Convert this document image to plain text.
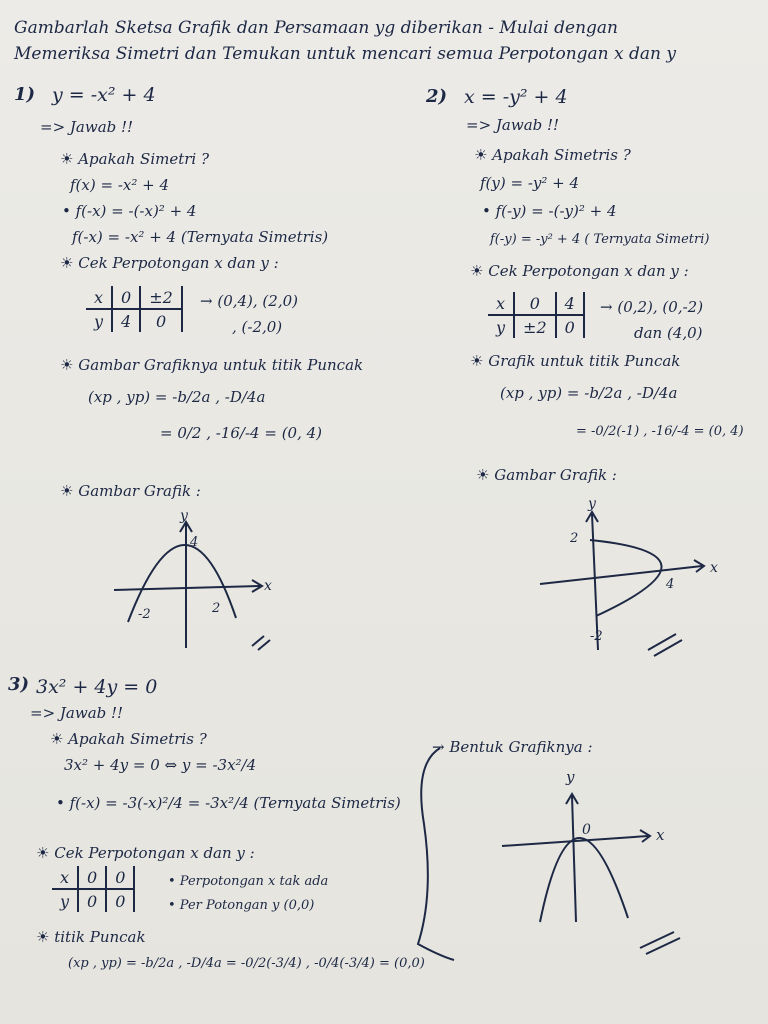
Gambarlah Sketsa Grafik dan Persamaan yg diberikan - Mulai dengan
Memeriksa Simetri dan Temukan untuk mencari semua Perpotongan x dan y
1) y = -x² + 4
=> Jawab !!
☀ Apakah Simetri ?
f(x) = -x² + 4
• f(-x) = -(-x)² + 4
f(-x) = -x² + 4 (Ternyata Simetris)
☀ Cek Perpotongan x dan y :
x	0	±2
y	4	0
→ (0,4), (2,0)
, (-2,0)
☀ Gambar Grafiknya untuk titik Puncak
(xp , yp) = -b/2a , -D/4a
= 0/2 , -16/-4 = (0, 4)
☀ Gambar Grafik :
y
x
4
-2	2
2) x = -y² + 4
=> Jawab !!
☀ Apakah Simetris ?
f(y) = -y² + 4
• f(-y) = -(-y)² + 4
f(-y) = -y² + 4 ( Ternyata Simetri)
☀ Cek Perpotongan x dan y :
x	0	4
y	±2	0
→ (0,2), (0,-2)
dan (4,0)
☀ Grafik untuk titik Puncak
(xp , yp) = -b/2a , -D/4a
= -0/2(-1) , -16/-4 = (0, 4)
☀ Gambar Grafik :
y
x
2
-2
4
3) 3x² + 4y = 0
=> Jawab !!
☀ Apakah Simetris ?
3x² + 4y = 0 ⇔ y = -3x²/4
• f(-x) = -3(-x)²/4 = -3x²/4 (Ternyata Simetris)
☀ Cek Perpotongan x dan y :
x	0	0
y	0	0
• Perpotongan x tak ada
• Per Potongan y (0,0)
☀ titik Puncak
(xp , yp) = -b/2a , -D/4a = -0/2(-3/4) , -0/4(-3/4) = (0,0)
→ Bentuk Grafiknya :
y
x
0
